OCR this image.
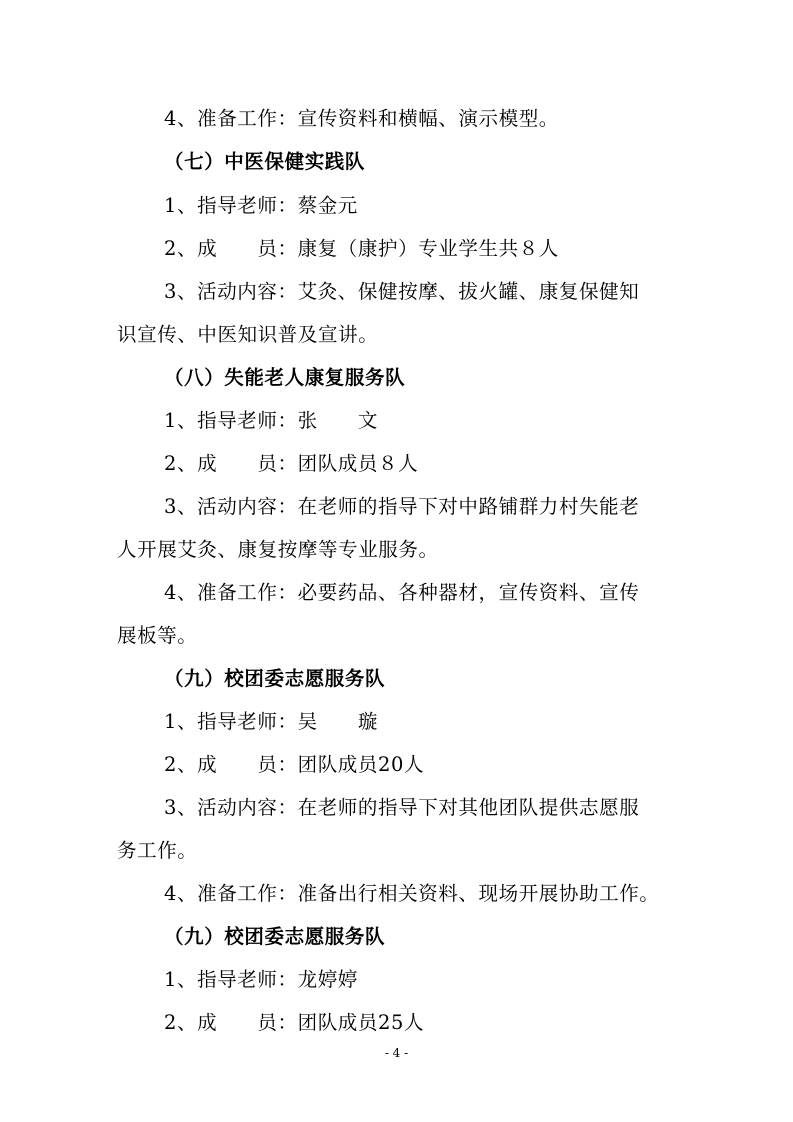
4、准备工作：宣传资料和横幅、演示模型。
（七）中医保健实践队
1、指导老师：蔡金元
2、成　　员：康复（康护）专业学生共８人
3、活动内容：艾灸、保健按摩、拔火罐、康复保健知
识宣传、中医知识普及宣讲。
（八）失能老人康复服务队
1、指导老师：张　　文
2、成　　员：团队成员８人
3、活动内容：在老师的指导下对中路铺群力村失能老
人开展艾灸、康复按摩等专业服务。
4、准备工作：必要药品、各种器材，宣传资料、宣传
展板等。
（九）校团委志愿服务队
1、指导老师：吴　　璇
2、成　　员：团队成员20人
3、活动内容：在老师的指导下对其他团队提供志愿服
务工作。
4、准备工作：准备出行相关资料、现场开展协助工作。
（九）校团委志愿服务队
1、指导老师：龙婷婷
2、成　　员：团队成员25人
- 4 -
